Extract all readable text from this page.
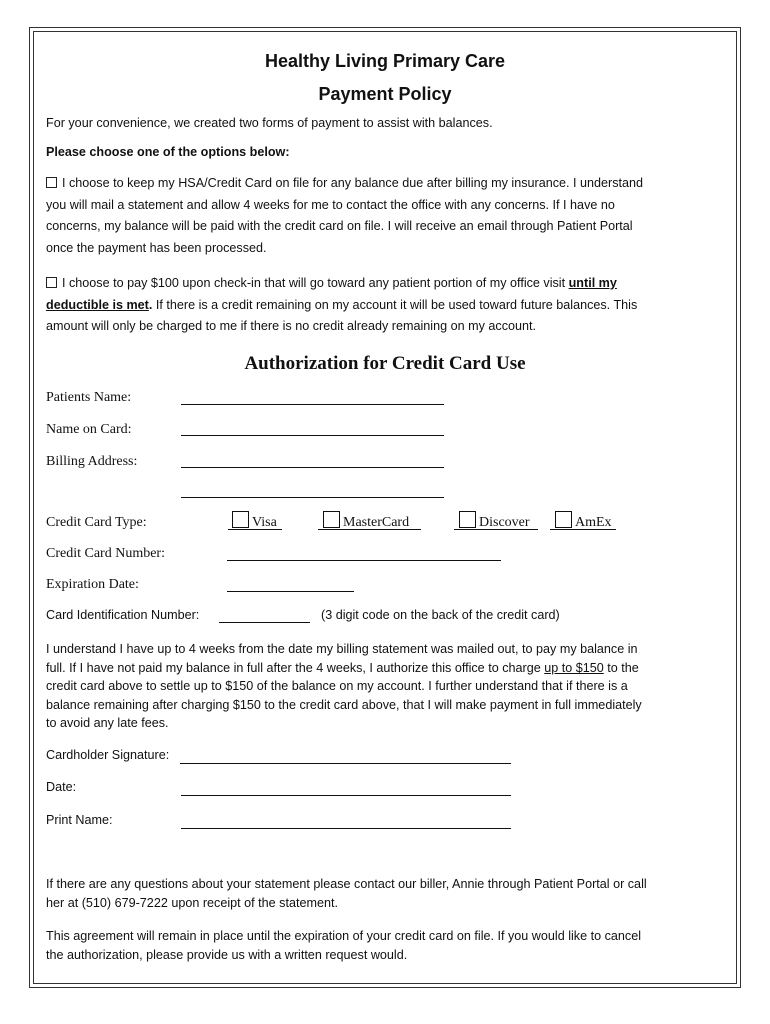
Healthy Living Primary Care
Payment Policy
For your convenience, we created two forms of payment to assist with balances.
Please choose one of the options below:
I choose to keep my HSA/Credit Card on file for any balance due after billing my insurance. I understand
you will mail a statement and allow 4 weeks for me to contact the office with any concerns. If I have no
concerns, my balance will be paid with the credit card on file. I will receive an email through Patient Portal
once the payment has been processed.
I choose to pay $100 upon check-in that will go toward any patient portion of my office visit until my
deductible is met. If there is a credit remaining on my account it will be used toward future balances. This
amount will only be charged to me if there is no credit already remaining on my account.
Authorization for Credit Card Use
Patients Name:
Name on Card:
Billing Address:
Credit Card Type:	Visa	MasterCard	Discover	AmEx
Credit Card Number:
Expiration Date:
Card Identification Number:	(3 digit code on the back of the credit card)
I understand I have up to 4 weeks from the date my billing statement was mailed out, to pay my balance in
full. If I have not paid my balance in full after the 4 weeks, I authorize this office to charge up to $150 to the
credit card above to settle up to $150 of the balance on my account. I further understand that if there is a
balance remaining after charging $150 to the credit card above, that I will make payment in full immediately
to avoid any late fees.
Cardholder Signature:
Date:
Print Name:
If there are any questions about your statement please contact our biller, Annie through Patient Portal or call
her at (510) 679-7222 upon receipt of the statement.
This agreement will remain in place until the expiration of your credit card on file. If you would like to cancel
the authorization, please provide us with a written request would.
